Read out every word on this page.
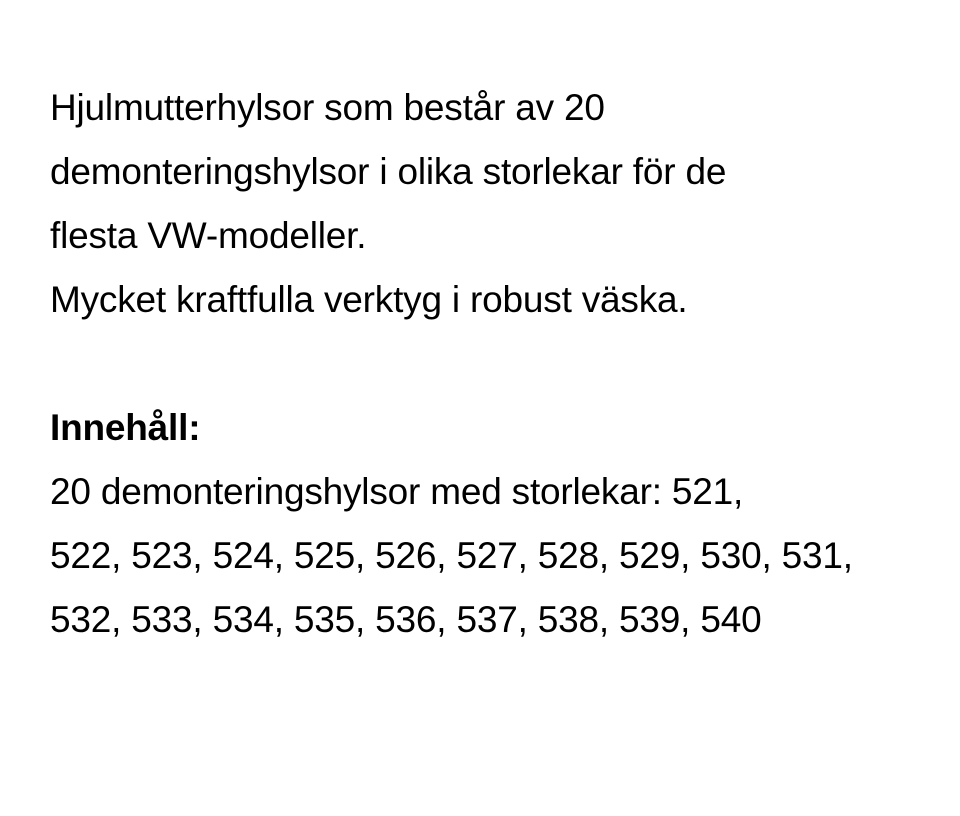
Hjulmutterhylsor som består av 20
demonteringshylsor i olika storlekar för de
flesta VW-modeller.
Mycket kraftfulla verktyg i robust väska.
Innehåll:
20 demonteringshylsor med storlekar: 521,
522, 523, 524, 525, 526, 527, 528, 529, 530, 531,
532, 533, 534, 535, 536, 537, 538, 539, 540
